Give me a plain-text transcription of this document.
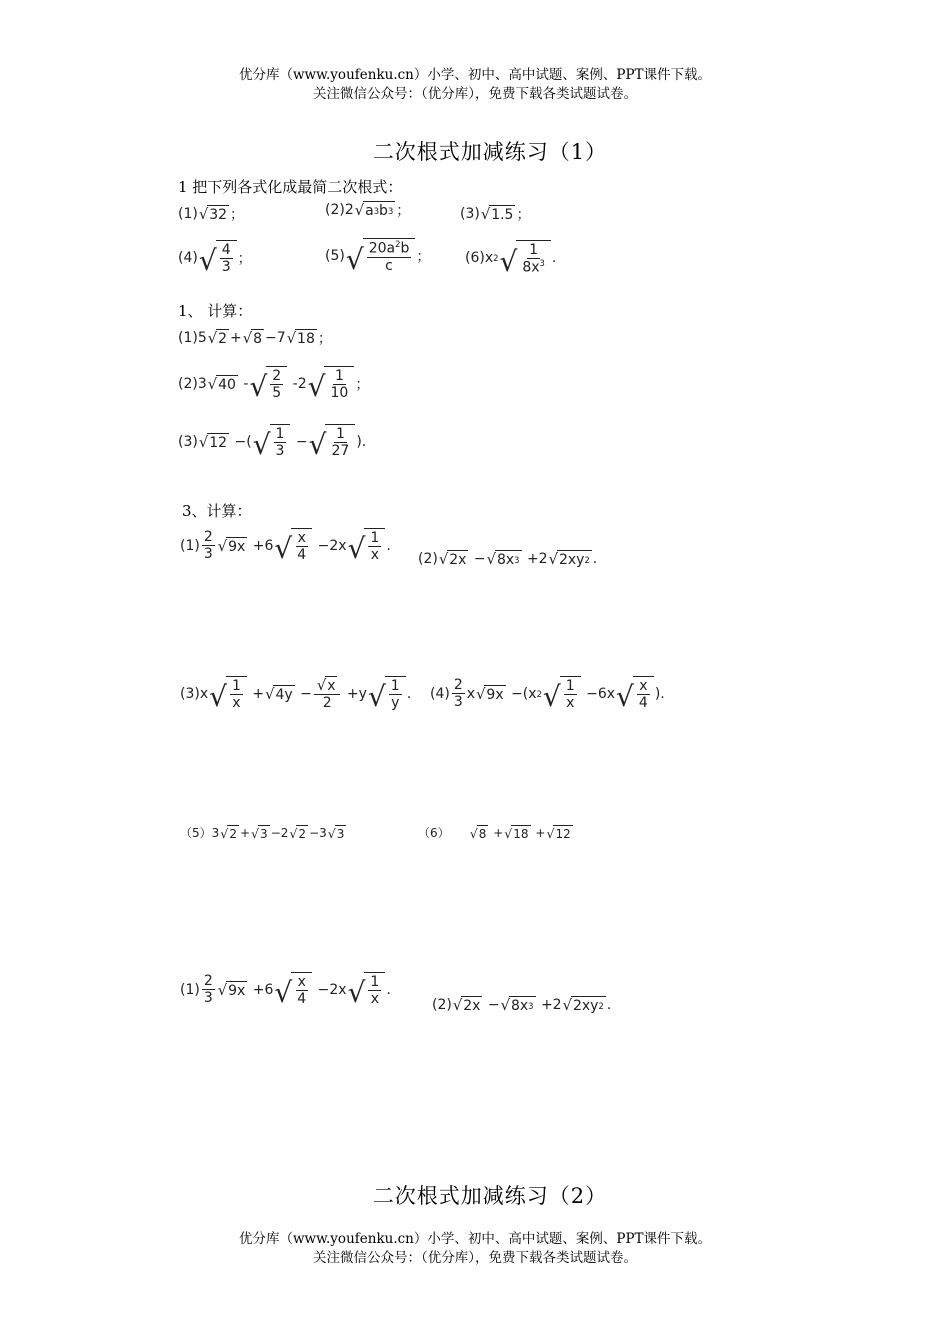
优分库（www.youfenku.cn）小学、初中、高中试题、案例、PPT课件下载。
关注微信公众号：（优分库），免费下载各类试题试卷。
二次根式加减练习（1）
1 把下列各式化成最简二次根式：
(1) √ 32 ；	(2)2 √ a 3 b 3 ；	(3) √ 1.5 ；
(4) √ $\frac{4}{3}$ ；	(5) √ $\frac{20a^2b}{c}$ ； (6)x 2 √ $\frac{1}{8x^3}$ .
1、 计算：
(1)5 √ 2 + √ 8 −7 √ 18 ；
(2)3 √ 40 - √ $\frac{2}{5} -2$ √ $\frac{1}{10}$ ；
(3) √ 12 −( √ $\frac{1}{3}$ − √ $\frac{1}{27}$ ).
3、计算：
$(1) \frac{2}{3}$ √ 9x +6 √ $\frac{x}{4} -2x$ √ $\frac{1}{x}$ .
(2) √ 2x − √ 8x 3 +2 √ 2xy 2 .
(3)x √ $\frac{1}{x}$ + √ $4y - \frac{√ x}{2} +y$ √ $\frac{1}{y}$ . $(4) \frac{2}{3}$ x √ 9x −(x 2 √ $\frac{1}{x} -6x$ √ $\frac{x}{4}$ ).
（5）3 √ 2 + √ 3 −2 √ 2 −3 √ 3	（6）
√ 8 + √ 18 + √ 12
$(1) \frac{2}{3}$ √ 9x +6 √ $\frac{x}{4} -2x$ √ $\frac{1}{x}$ .
(2) √ 2x − √ 8x 3 +2 √ 2xy 2 .
二次根式加减练习（2）
优分库（www.youfenku.cn）小学、初中、高中试题、案例、PPT课件下载。
关注微信公众号：（优分库），免费下载各类试题试卷。
